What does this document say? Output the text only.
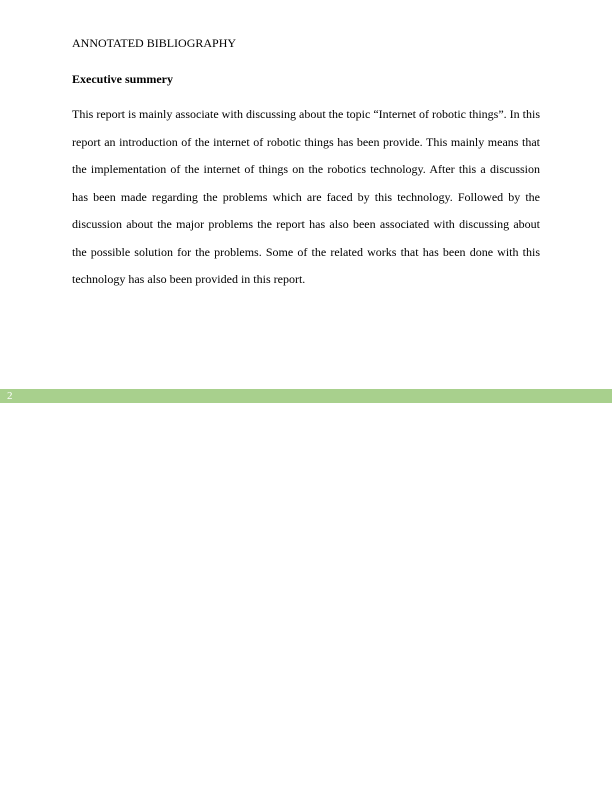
ANNOTATED BIBLIOGRAPHY
Executive summery

This report is mainly associate with discussing about the topic “Internet of robotic things”. In this report an introduction of the internet of robotic things has been provide. This mainly means that the implementation of the internet of things on the robotics technology. After this a discussion has been made regarding the problems which are faced by this technology. Followed by the discussion about the major problems the report has also been associated with discussing about the possible solution for the problems. Some of the related works that has been done with this technology has also been provided in this report.

2
